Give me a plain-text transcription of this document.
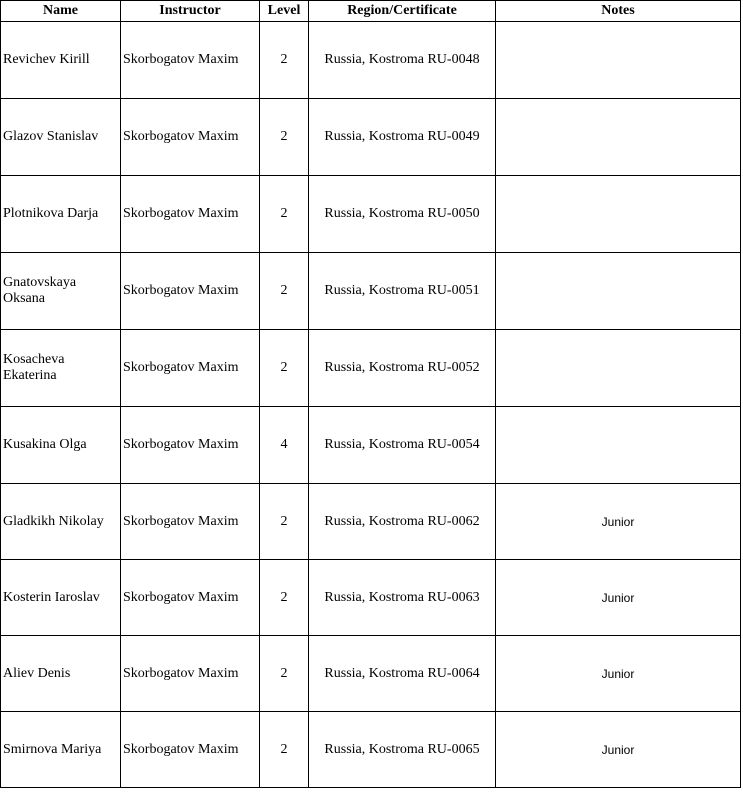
Name	Instructor	Level	Region/Certificate	Notes
Revichev Kirill	Skorbogatov Maxim	2	Russia, Kostroma RU-0048	
Glazov Stanislav	Skorbogatov Maxim	2	Russia, Kostroma RU-0049	
Plotnikova Darja	Skorbogatov Maxim	2	Russia, Kostroma RU-0050	
Gnatovskaya Oksana	Skorbogatov Maxim	2	Russia, Kostroma RU-0051	
Kosacheva Ekaterina	Skorbogatov Maxim	2	Russia, Kostroma RU-0052	
Kusakina Olga	Skorbogatov Maxim	4	Russia, Kostroma RU-0054	
Gladkikh Nikolay	Skorbogatov Maxim	2	Russia, Kostroma RU-0062	Junior
Kosterin Iaroslav	Skorbogatov Maxim	2	Russia, Kostroma RU-0063	Junior
Aliev Denis	Skorbogatov Maxim	2	Russia, Kostroma RU-0064	Junior
Smirnova Mariya	Skorbogatov Maxim	2	Russia, Kostroma RU-0065	Junior
